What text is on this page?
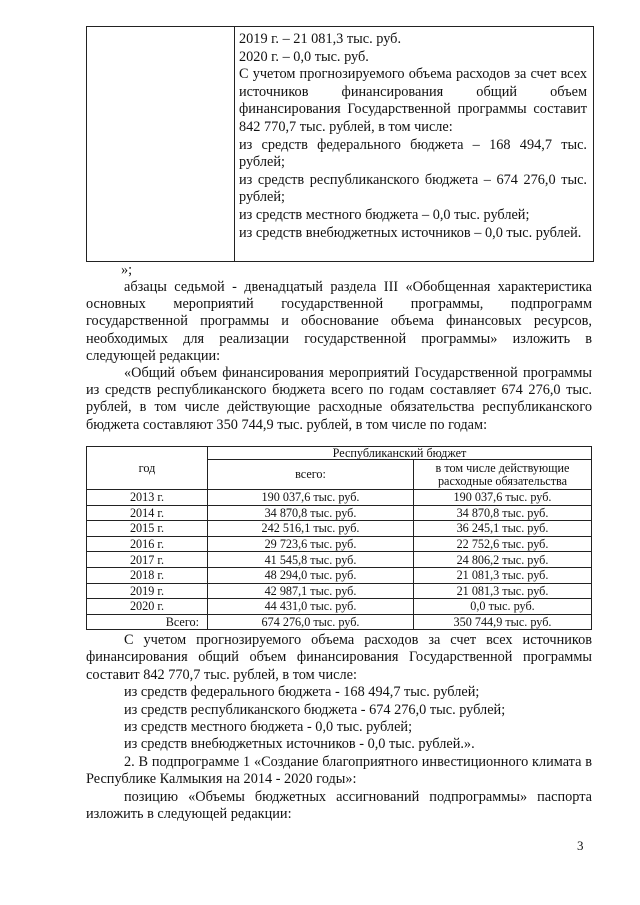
2019 г. – 21 081,3 тыс. руб.
2020 г. – 0,0 тыс. руб.
С учетом прогнозируемого объема расходов за счет всех источников финансирования общий объем финансирования Государственной программы составит 842 770,7 тыс. рублей, в том числе:
из средств федерального бюджета – 168 494,7 тыс. рублей;
из средств республиканского бюджета – 674 276,0 тыс. рублей;
из средств местного бюджета – 0,0 тыс. рублей;
из средств внебюджетных источников – 0,0 тыс. рублей.
»;
абзацы седьмой - двенадцатый раздела III «Обобщенная характеристика основных мероприятий государственной программы, подпрограмм государственной программы и обоснование объема финансовых ресурсов, необходимых для реализации государственной программы» изложить в следующей редакции:
«Общий объем финансирования мероприятий Государственной программы из средств республиканского бюджета всего по годам составляет 674 276,0 тыс. рублей, в том числе действующие расходные обязательства республиканского бюджета составляют 350 744,9 тыс. рублей, в том числе по годам:
год	Республиканский бюджет	
	всего:	в том числе действующие расходные обязательства
2013 г.	190 037,6 тыс. руб.	190 037,6 тыс. руб.
2014 г.	34 870,8 тыс. руб.	34 870,8 тыс. руб.
2015 г.	242 516,1 тыс. руб.	36 245,1 тыс. руб.
2016 г.	29 723,6 тыс. руб.	22 752,6 тыс. руб.
2017 г.	41 545,8 тыс. руб.	24 806,2 тыс. руб.
2018 г.	48 294,0 тыс. руб.	21 081,3 тыс. руб.
2019 г.	42 987,1 тыс. руб.	21 081,3 тыс. руб.
2020 г.	44 431,0 тыс. руб.	0,0 тыс. руб.
Всего:	674 276,0 тыс. руб.	350 744,9 тыс. руб.
С учетом прогнозируемого объема расходов за счет всех источников финансирования общий объем финансирования Государственной программы составит 842 770,7 тыс. рублей, в том числе:
из средств федерального бюджета - 168 494,7 тыс. рублей;
из средств республиканского бюджета - 674 276,0 тыс. рублей;
из средств местного бюджета - 0,0 тыс. рублей;
из средств внебюджетных источников - 0,0 тыс. рублей.».
2. В подпрограмме 1 «Создание благоприятного инвестиционного климата в Республике Калмыкия на 2014 - 2020 годы»:
позицию «Объемы бюджетных ассигнований подпрограммы» паспорта изложить в следующей редакции:
3
